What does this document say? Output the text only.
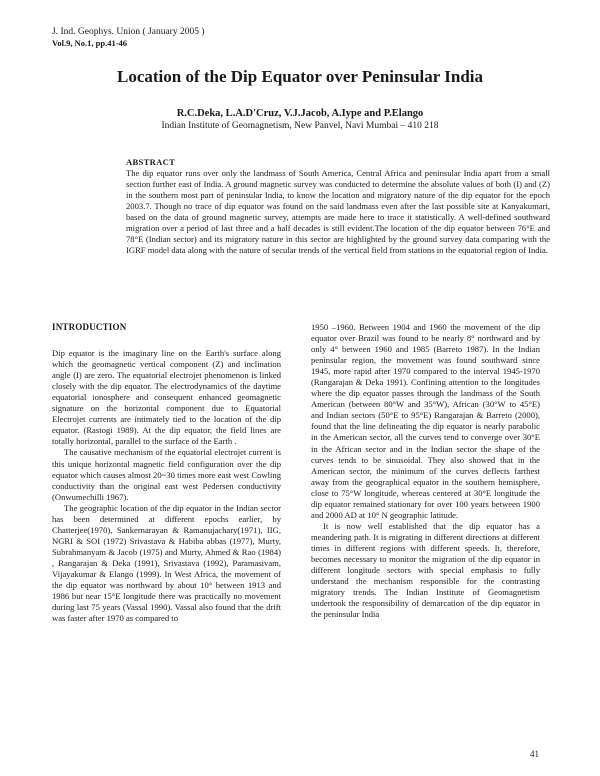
J. Ind. Geophys. Union ( January 2005 )
Vol.9, No.1, pp.41-46
Location of the Dip Equator over Peninsular India
R.C.Deka, L.A.D'Cruz, V.J.Jacob, A.Iype and P.Elango
Indian Institute of Geomagnetism, New Panvel, Navi Mumbai – 410 218
ABSTRACT
The dip equator runs over only the landmass of South America, Central Africa and peninsular India apart from a small section further east of India. A ground magnetic survey was conducted to determine the absolute values of both (I) and (Z) in the southern most part of peninsular India, to know the location and migratory nature of the dip equator for the epoch 2003.7. Though no trace of dip equator was found on the said landmass even after the last possible site at Kanyakumari, based on the data of ground magnetic survey, attempts are made here to trace it statistically. A well-defined southward migration over a period of last three and a half decades is still evident.The location of the dip equator between 76°E and 78°E (Indian sector) and its migratory nature in this sector are highlighted by the ground survey data comparing with the IGRF model data along with the nature of secular trends of the vertical field from stations in the equatorial region of India.
INTRODUCTION

Dip equator is the imaginary line on the Earth's surface along which the geomagnetic vertical component (Z) and inclination angle (I) are zero. The equatorial electrojet phenomenon is linked closely with the dip equator. The electrodynamics of the daytime equatorial ionosphere and consequent enhanced geomagnetic signature on the horizontal component due to Equatorial Electrojet currents are intimately tied to the location of the dip equator. (Rastogi 1989). At the dip equator, the field lines are totally horizontal, parallel to the surface of the Earth .

The causative mechanism of the equatorial electrojet current is this unique horizontal magnetic field configuration over the dip equator which causes almost 20~30 times more east west Cowling conductivity than the original east west Pedersen conductivity (Onwumechilli 1967).

The geographic location of the dip equator in the Indian sector has been determined at different epochs earlier, by Chatterjee(1970), Sankernarayan & Ramanujachary(1971), IIG, NGRI & SOI (1972) Srivastava & Habiba abbas (1977), Murty, Subrahmanyam & Jacob (1975) and Murty, Ahmed & Rao (1984) , Rangarajan & Deka (1991), Srivastava (1992), Paramasivam, Vijayakumar & Elango (1999). In West Africa, the movement of the dip equator was northward by about 10° between 1913 and 1986 but near 15°E longitude there was practically no movement during last 75 years (Vassal 1990). Vassal also found that the drift was faster after 1970 as compared to

1950 –1960. Between 1904 and 1960 the movement of the dip equator over Brazil was found to be nearly 8° northward and by only 4° between 1960 and 1985 (Barreto 1987). In the Indian peninsular region, the movement was found southward since 1945, more rapid after 1970 compared to the interval 1945-1970 (Rangarajan & Deka 1991). Confining attention to the longitudes where the dip equator passes through the landmass of the South American (between 80°W and 35°W), African (30°W to 45°E) and Indian sectors (50°E to 95°E) Rangarajan & Barreto (2000), found that the line delineating the dip equator is nearly parabolic in the American sector, all the curves tend to converge over 30°E in the African sector and in the Indian sector the shape of the curves tends to be sinusoidal. They also showed that in the American sector, the minimum of the curves deflects farthest away from the geographical equator in the southern hemisphere, close to 75°W longitude, whereas centered at 30°E longitude the dip equator remained stationary for over 100 years between 1900 and 2000 AD at 10° N geographic latitude.

It is now well established that the dip equator has a meandering path. It is migrating in different directions at different times in different regions with different speeds. It, therefore, becomes necessary to monitor the migration of the dip equator in different longitude sectors with special emphasis to fully understand the mechanism responsible for the contrasting migratory trends. The Indian Institute of Geomagnetism undertook the responsibility of demarcation of the dip equator in the peninsular India

41
